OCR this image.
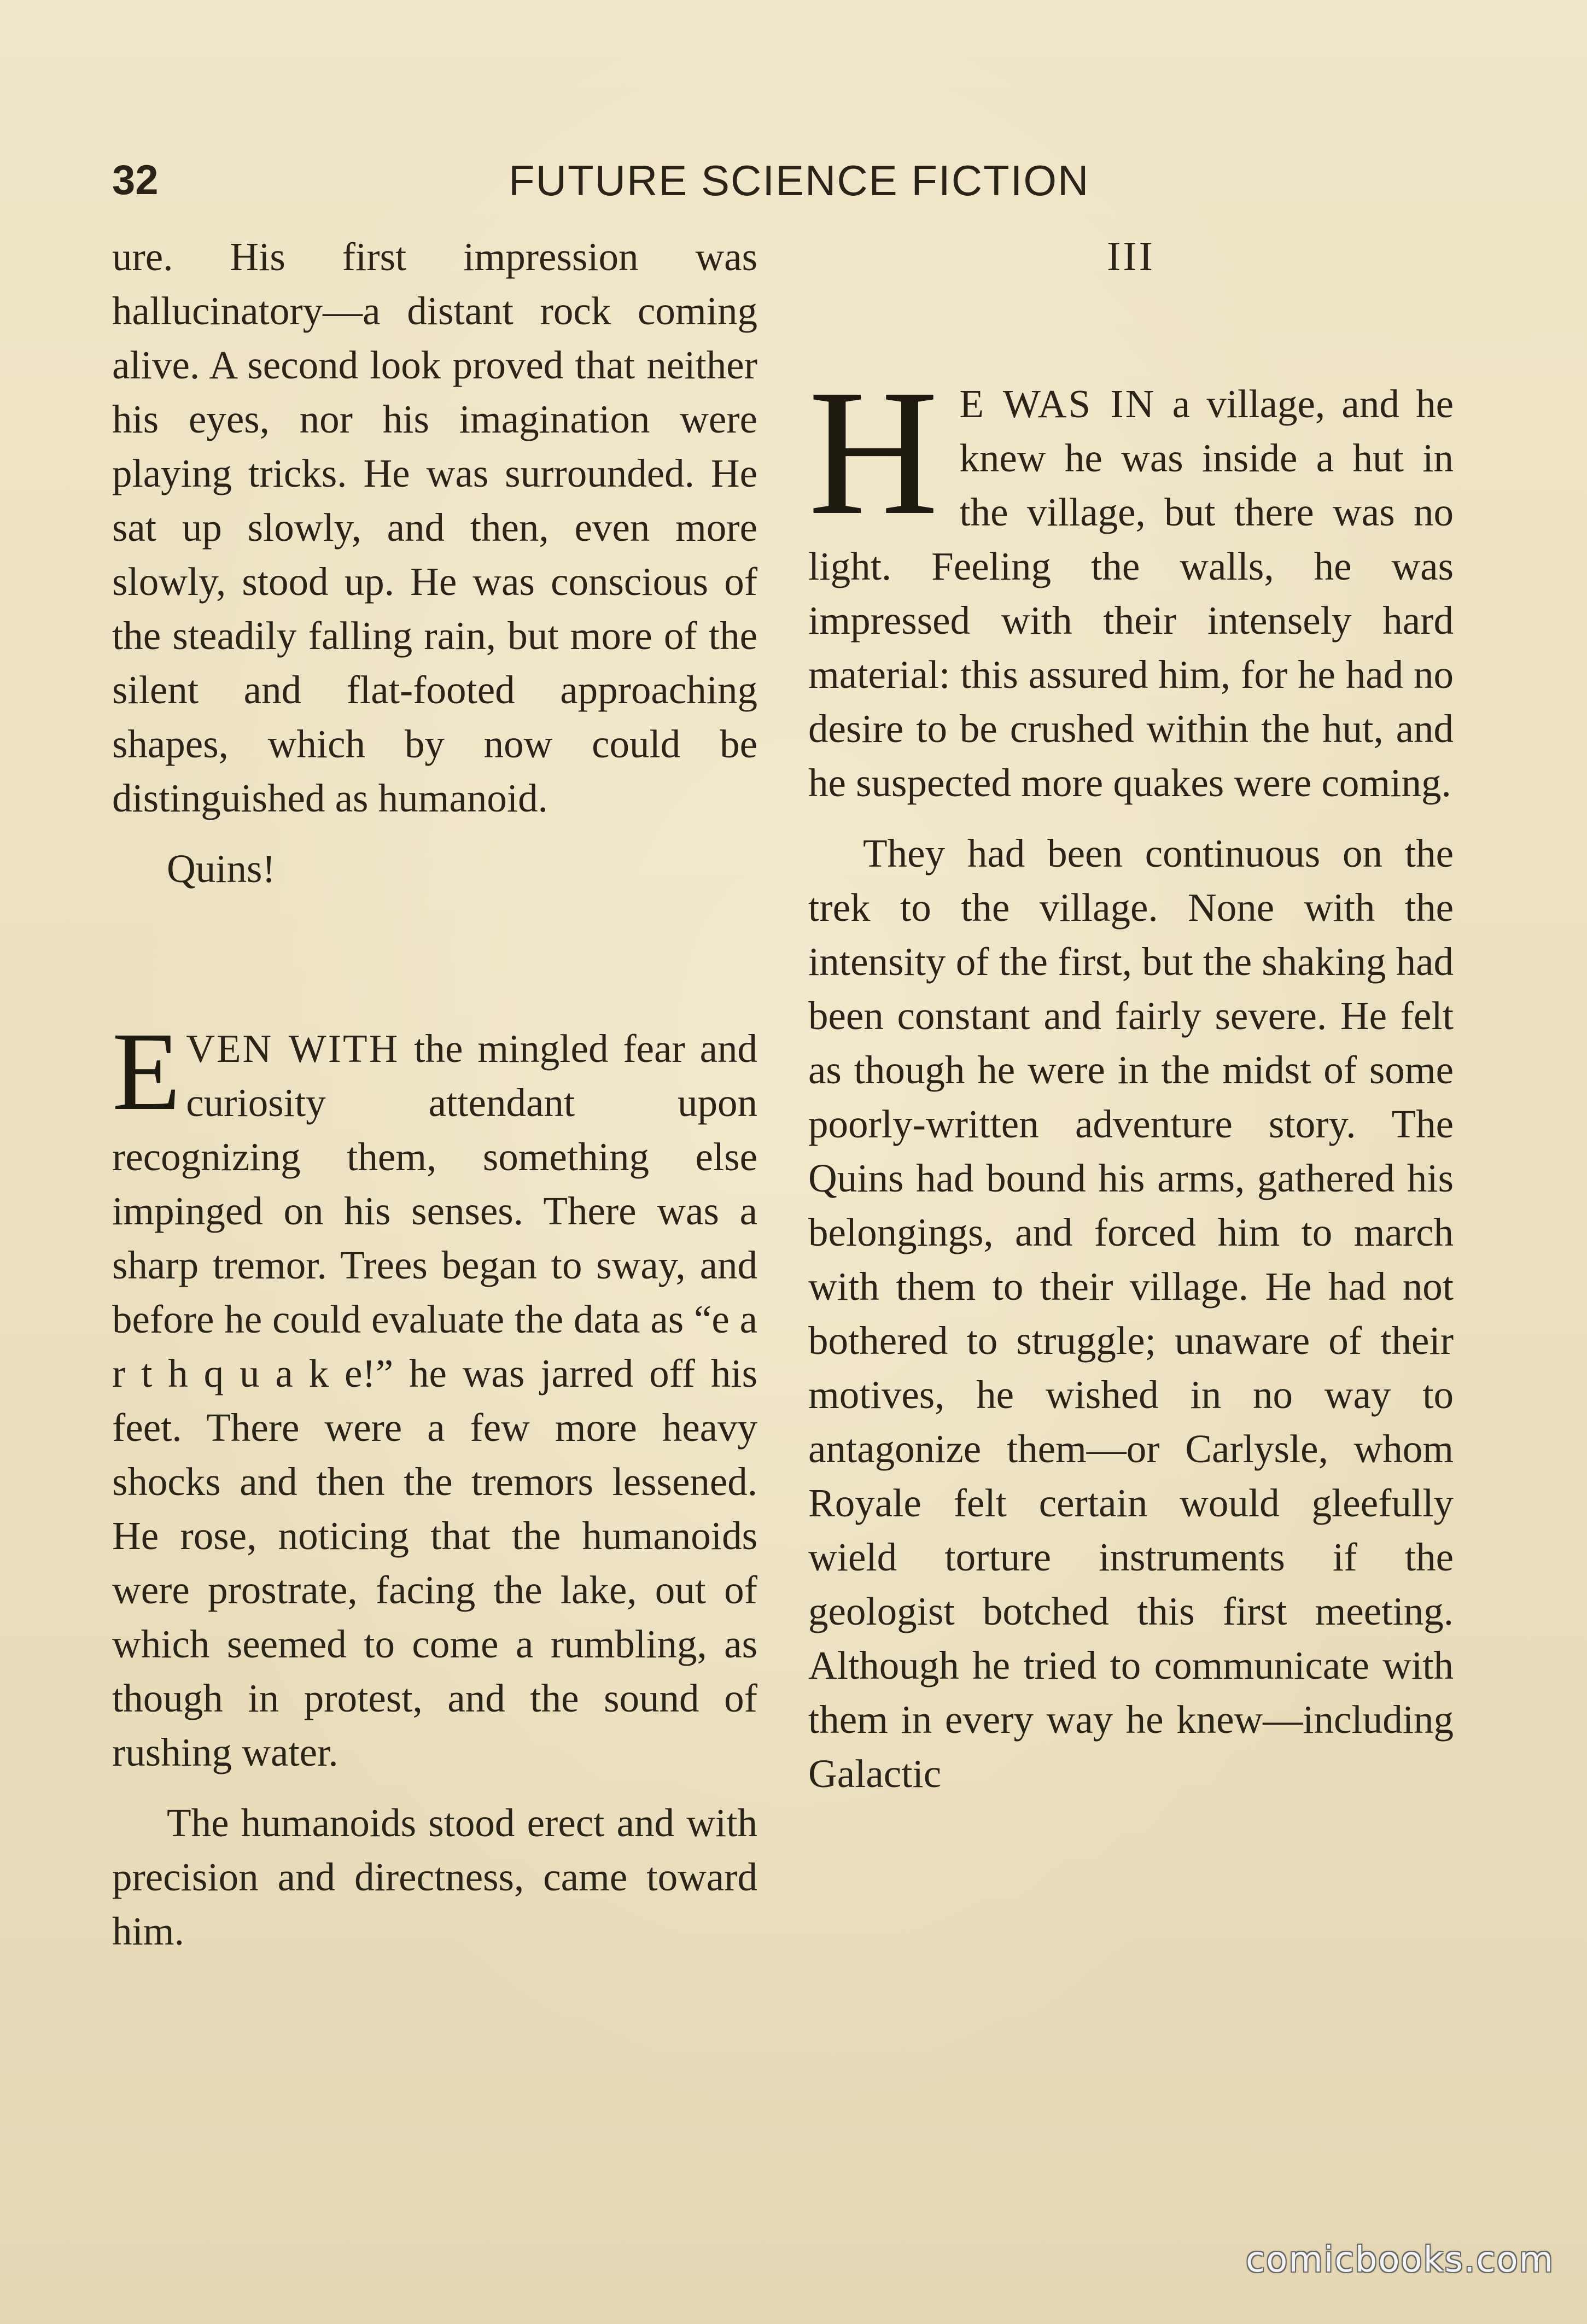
32	FUTURE SCIENCE FICTION

ure. His first impression was hallucinatory—a distant rock coming alive. A second look proved that neither his eyes, nor his imagination were playing tricks. He was surrounded. He sat up slowly, and then, even more slowly, stood up. He was conscious of the steadily falling rain, but more of the silent and flat-footed approaching shapes, which by now could be distinguished as humanoid.

Quins!

EVEN WITH the mingled fear and curiosity attendant upon recognizing them, something else impinged on his senses. There was a sharp tremor. Trees began to sway, and before he could evaluate the data as “e a r t h q u a k e!” he was jarred off his feet. There were a few more heavy shocks and then the tremors lessened. He rose, noticing that the humanoids were prostrate, facing the lake, out of which seemed to come a rumbling, as though in protest, and the sound of rushing water.

The humanoids stood erect and with precision and directness, came toward him.

III

H E WAS IN a village, and he knew he was inside a hut in the village, but there was no light. Feeling the walls, he was impressed with their intensely hard material: this assured him, for he had no desire to be crushed within the hut, and he suspected more quakes were coming.

They had been continuous on the trek to the village. None with the intensity of the first, but the shaking had been constant and fairly severe. He felt as though he were in the midst of some poorly-written adventure story. The Quins had bound his arms, gathered his belongings, and forced him to march with them to their village. He had not bothered to struggle; unaware of their motives, he wished in no way to antagonize them—or Carlysle, whom Royale felt certain would gleefully wield torture instruments if the geologist botched this first meeting. Although he tried to communicate with them in every way he knew—including Galactic

comicbooks.com
